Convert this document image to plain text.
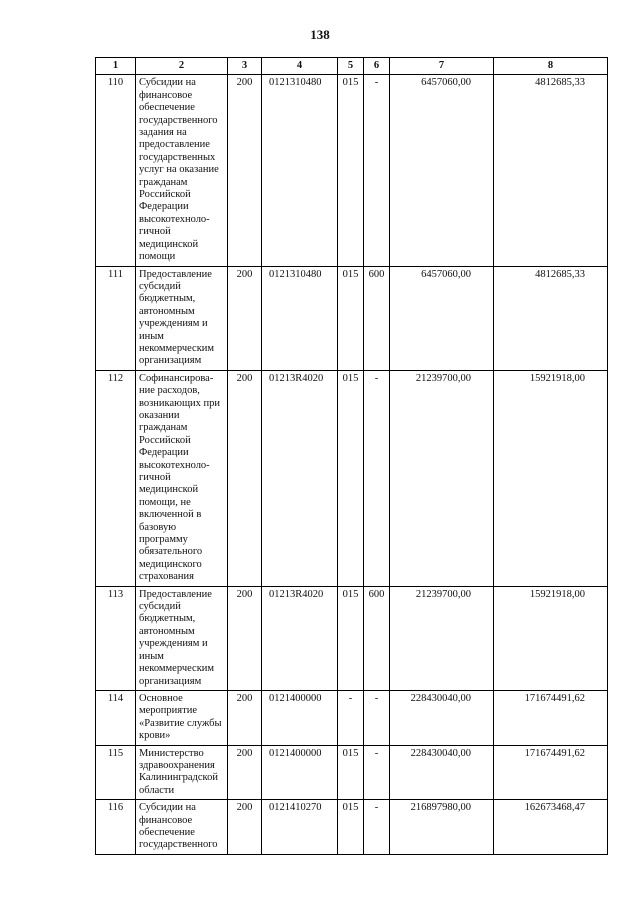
138
1	2	3	4	5	6	7	8
110	Субсидии на финансовое обеспечение государственного задания на предоставление государственных услуг на оказание гражданам Российской Федерации высокотехноло-гичной медицинской помощи	200	0121310480	015	-	6457060,00	4812685,33
111	Предоставление субсидий бюджетным, автономным учреждениям и иным некоммерческим организациям	200	0121310480	015	600	6457060,00	4812685,33
112	Софинансирова-ние расходов, возникающих при оказании гражданам Российской Федерации высокотехноло-гичной медицинской помощи, не включенной в базовую программу обязательного медицинского страхования	200	01213R4020	015	-	21239700,00	15921918,00
113	Предоставление субсидий бюджетным, автономным учреждениям и иным некоммерческим организациям	200	01213R4020	015	600	21239700,00	15921918,00
114	Основное мероприятие «Развитие службы крови»	200	0121400000	-	-	228430040,00	171674491,62
115	Министерство здравоохранения Калининградской области	200	0121400000	015	-	228430040,00	171674491,62
116	Субсидии на финансовое обеспечение государственного	200	0121410270	015	-	216897980,00	162673468,47
